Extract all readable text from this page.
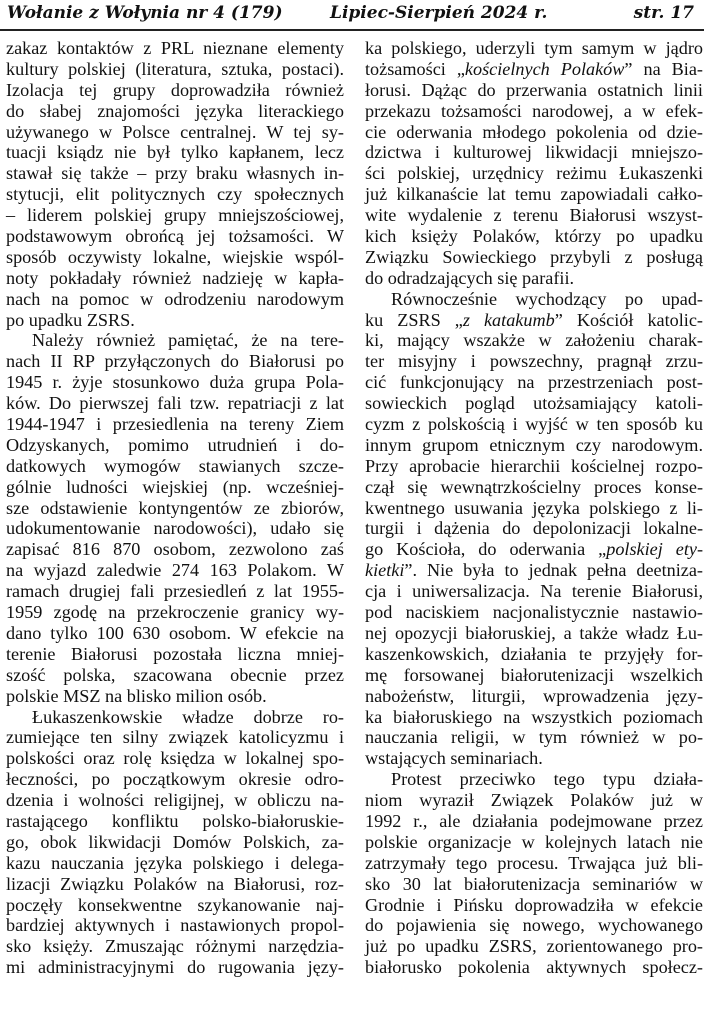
Wołanie z Wołynia nr 4 (179)	Lipiec-Sierpień 2024 r.	str. 17
zakaz kontaktów z PRL nieznane elementy
kultury polskiej (literatura, sztuka, postaci).
Izolacja tej grupy doprowadziła również
do słabej znajomości języka literackiego
używanego w Polsce centralnej. W tej sy-
tuacji ksiądz nie był tylko kapłanem, lecz
stawał się także – przy braku własnych in-
stytucji, elit politycznych czy społecznych
– liderem polskiej grupy mniejszościowej,
podstawowym obrońcą jej tożsamości. W
sposób oczywisty lokalne, wiejskie wspól-
noty pokładały również nadzieję w kapła-
nach na pomoc w odrodzeniu narodowym
po upadku ZSRS.
Należy również pamiętać, że na tere-
nach II RP przyłączonych do Białorusi po
1945 r. żyje stosunkowo duża grupa Pola-
ków. Do pierwszej fali tzw. repatriacji z lat
1944-1947 i przesiedlenia na tereny Ziem
Odzyskanych, pomimo utrudnień i do-
datkowych wymogów stawianych szcze-
gólnie ludności wiejskiej (np. wcześniej-
sze odstawienie kontyngentów ze zbiorów,
udokumentowanie narodowości), udało się
zapisać 816 870 osobom, zezwolono zaś
na wyjazd zaledwie 274 163 Polakom. W
ramach drugiej fali przesiedleń z lat 1955-
1959 zgodę na przekroczenie granicy wy-
dano tylko 100 630 osobom. W efekcie na
terenie Białorusi pozostała liczna mniej-
szość polska, szacowana obecnie przez
polskie MSZ na blisko milion osób.
Łukaszenkowskie władze dobrze ro-
zumiejące ten silny związek katolicyzmu i
polskości oraz rolę księdza w lokalnej spo-
łeczności, po początkowym okresie odro-
dzenia i wolności religijnej, w obliczu na-
rastającego konfliktu polsko-białoruskie-
go, obok likwidacji Domów Polskich, za-
kazu nauczania języka polskiego i delega-
lizacji Związku Polaków na Białorusi, roz-
poczęły konsekwentne szykanowanie naj-
bardziej aktywnych i nastawionych propol-
sko księży. Zmuszając różnymi narzędzia-
mi administracyjnymi do rugowania języ-
ka polskiego, uderzyli tym samym w jądro
tożsamości „kościelnych Polaków” na Bia-
łorusi. Dążąc do przerwania ostatnich linii
przekazu tożsamości narodowej, a w efek-
cie oderwania młodego pokolenia od dzie-
dzictwa i kulturowej likwidacji mniejszo-
ści polskiej, urzędnicy reżimu Łukaszenki
już kilkanaście lat temu zapowiadali całko-
wite wydalenie z terenu Białorusi wszyst-
kich księży Polaków, którzy po upadku
Związku Sowieckiego przybyli z posługą
do odradzających się parafii.
Równocześnie wychodzący po upad-
ku ZSRS „z katakumb” Kościół katolic-
ki, mający wszakże w założeniu charak-
ter misyjny i powszechny, pragnął zrzu-
cić funkcjonujący na przestrzeniach post-
sowieckich pogląd utożsamiający katoli-
cyzm z polskością i wyjść w ten sposób ku
innym grupom etnicznym czy narodowym.
Przy aprobacie hierarchii kościelnej rozpo-
czął się wewnątrzkościelny proces konse-
kwentnego usuwania języka polskiego z li-
turgii i dążenia do depolonizacji lokalne-
go Kościoła, do oderwania „polskiej ety-
kietki”. Nie była to jednak pełna deetniza-
cja i uniwersalizacja. Na terenie Białorusi,
pod naciskiem nacjonalistycznie nastawio-
nej opozycji białoruskiej, a także władz Łu-
kaszenkowskich, działania te przyjęły for-
mę forsowanej białorutenizacji wszelkich
nabożeństw, liturgii, wprowadzenia języ-
ka białoruskiego na wszystkich poziomach
nauczania religii, w tym również w po-
wstających seminariach.
Protest przeciwko tego typu działa-
niom wyraził Związek Polaków już w
1992 r., ale działania podejmowane przez
polskie organizacje w kolejnych latach nie
zatrzymały tego procesu. Trwająca już bli-
sko 30 lat białorutenizacja seminariów w
Grodnie i Pińsku doprowadziła w efekcie
do pojawienia się nowego, wychowanego
już po upadku ZSRS, zorientowanego pro-
białorusko pokolenia aktywnych społecz-
